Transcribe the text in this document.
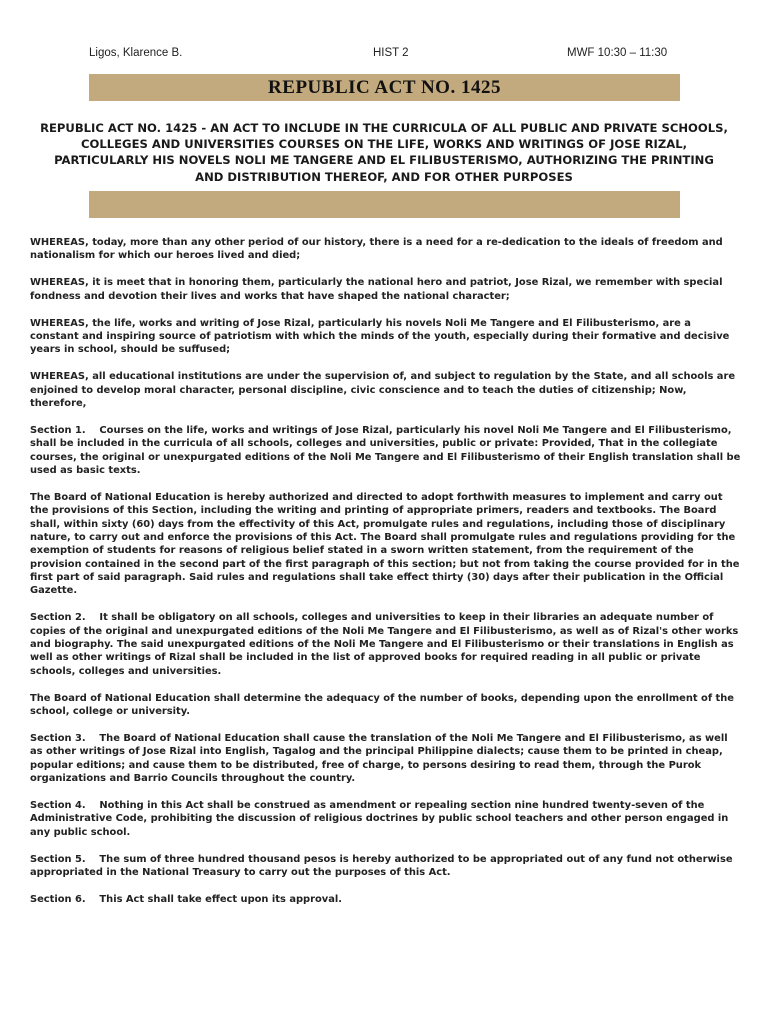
Ligos, Klarence B.	HIST 2	MWF 10:30 – 11:30
REPUBLIC ACT NO. 1425
REPUBLIC ACT NO. 1425 - AN ACT TO INCLUDE IN THE CURRICULA OF ALL PUBLIC AND PRIVATE SCHOOLS, COLLEGES AND UNIVERSITIES COURSES ON THE LIFE, WORKS AND WRITINGS OF JOSE RIZAL, PARTICULARLY HIS NOVELS NOLI ME TANGERE AND EL FILIBUSTERISMO, AUTHORIZING THE PRINTING AND DISTRIBUTION THEREOF, AND FOR OTHER PURPOSES

WHEREAS, today, more than any other period of our history, there is a need for a re-dedication to the ideals of freedom and nationalism for which our heroes lived and died;

WHEREAS, it is meet that in honoring them, particularly the national hero and patriot, Jose Rizal, we remember with special fondness and devotion their lives and works that have shaped the national character;

WHEREAS, the life, works and writing of Jose Rizal, particularly his novels Noli Me Tangere and El Filibusterismo, are a constant and inspiring source of patriotism with which the minds of the youth, especially during their formative and decisive years in school, should be suffused;

WHEREAS, all educational institutions are under the supervision of, and subject to regulation by the State, and all schools are enjoined to develop moral character, personal discipline, civic conscience and to teach the duties of citizenship; Now, therefore,

Section 1. Courses on the life, works and writings of Jose Rizal, particularly his novel Noli Me Tangere and El Filibusterismo, shall be included in the curricula of all schools, colleges and universities, public or private: Provided, That in the collegiate courses, the original or unexpurgated editions of the Noli Me Tangere and El Filibusterismo of their English translation shall be used as basic texts.

The Board of National Education is hereby authorized and directed to adopt forthwith measures to implement and carry out the provisions of this Section, including the writing and printing of appropriate primers, readers and textbooks. The Board shall, within sixty (60) days from the effectivity of this Act, promulgate rules and regulations, including those of disciplinary nature, to carry out and enforce the provisions of this Act. The Board shall promulgate rules and regulations providing for the exemption of students for reasons of religious belief stated in a sworn written statement, from the requirement of the provision contained in the second part of the first paragraph of this section; but not from taking the course provided for in the first part of said paragraph. Said rules and regulations shall take effect thirty (30) days after their publication in the Official Gazette.

Section 2. It shall be obligatory on all schools, colleges and universities to keep in their libraries an adequate number of copies of the original and unexpurgated editions of the Noli Me Tangere and El Filibusterismo, as well as of Rizal's other works and biography. The said unexpurgated editions of the Noli Me Tangere and El Filibusterismo or their translations in English as well as other writings of Rizal shall be included in the list of approved books for required reading in all public or private schools, colleges and universities.

The Board of National Education shall determine the adequacy of the number of books, depending upon the enrollment of the school, college or university.

Section 3. The Board of National Education shall cause the translation of the Noli Me Tangere and El Filibusterismo, as well as other writings of Jose Rizal into English, Tagalog and the principal Philippine dialects; cause them to be printed in cheap, popular editions; and cause them to be distributed, free of charge, to persons desiring to read them, through the Purok organizations and Barrio Councils throughout the country.

Section 4. Nothing in this Act shall be construed as amendment or repealing section nine hundred twenty-seven of the Administrative Code, prohibiting the discussion of religious doctrines by public school teachers and other person engaged in any public school.

Section 5. The sum of three hundred thousand pesos is hereby authorized to be appropriated out of any fund not otherwise appropriated in the National Treasury to carry out the purposes of this Act.

Section 6. This Act shall take effect upon its approval.
